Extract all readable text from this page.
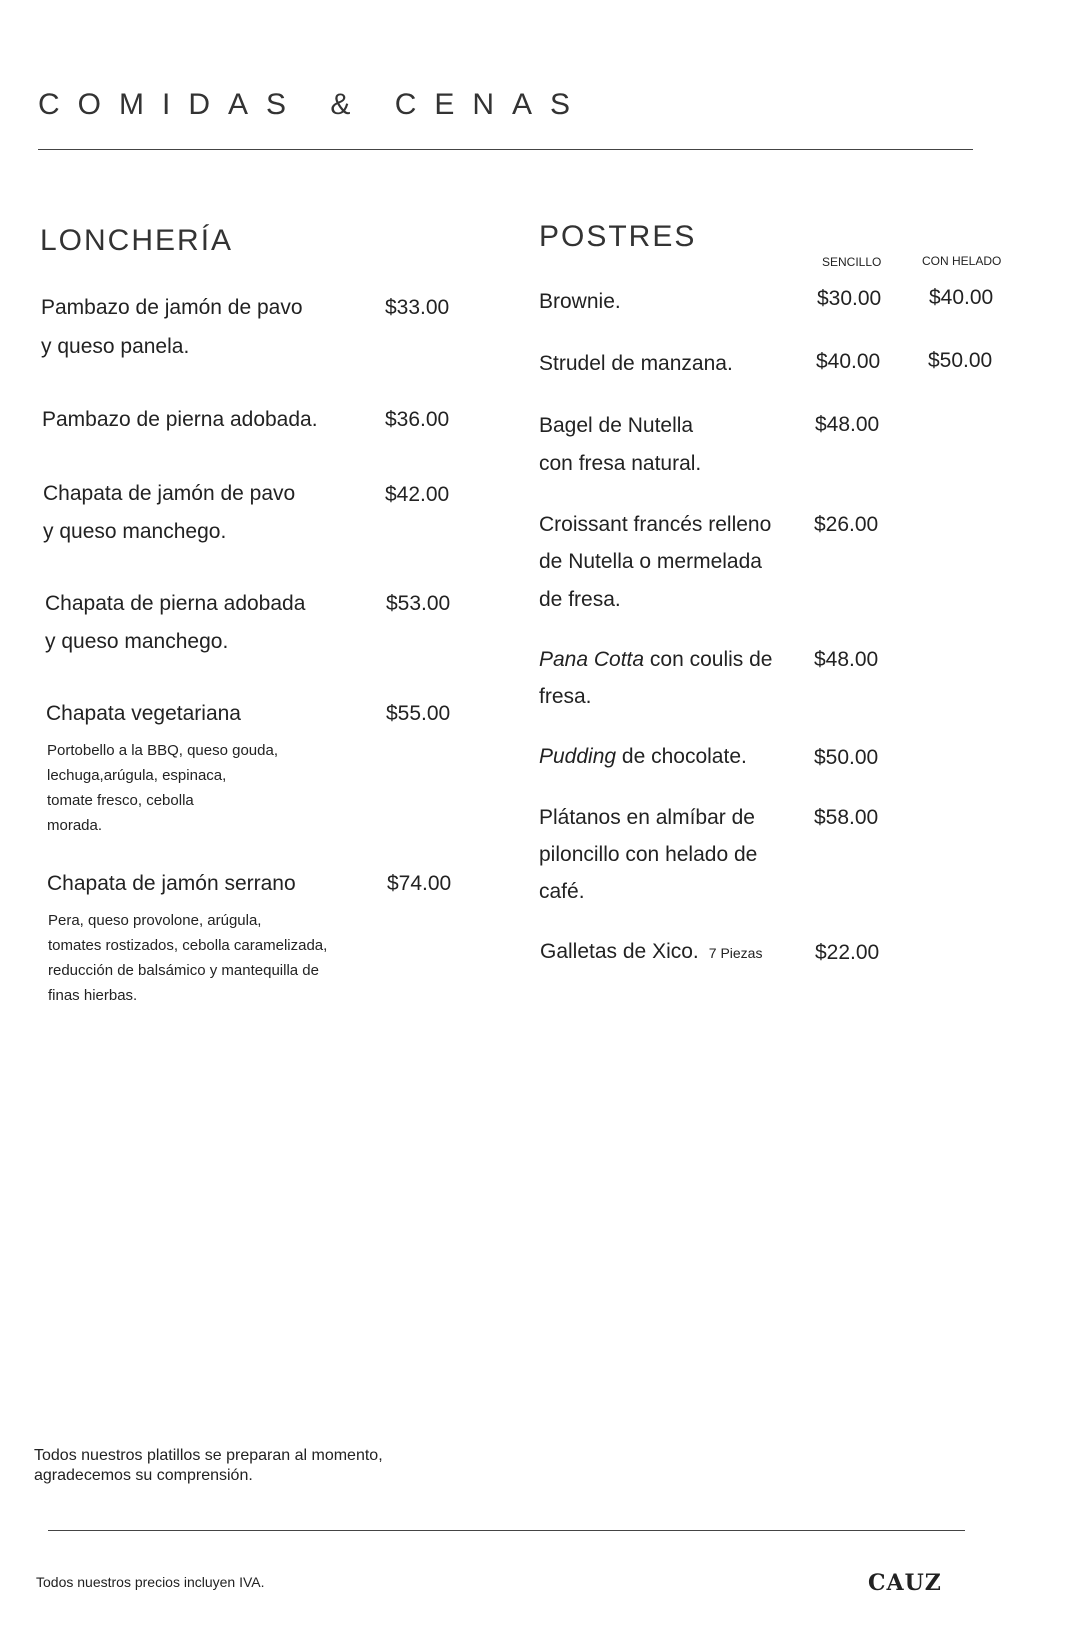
COMIDAS & CENAS
LONCHERÍA
Pambazo de jamón de pavo
y queso panela.
$33.00
Pambazo de pierna adobada.	$36.00
Chapata de jamón de pavo
y queso manchego.
$42.00
Chapata de pierna adobada
y queso manchego.
$53.00
Chapata vegetariana	$55.00
Portobello a la BBQ, queso gouda,
lechuga,arúgula, espinaca,
tomate fresco, cebolla
morada.
Chapata de jamón serrano	$74.00
Pera, queso provolone, arúgula,
tomates rostizados, cebolla caramelizada,
reducción de balsámico y mantequilla de
finas hierbas.
POSTRES
SENCILLO	CON HELADO
Brownie.	$30.00 $40.00
Strudel de manzana.	$40.00 $50.00
Bagel de Nutella
con fresa natural.
$48.00
Croissant francés relleno
de Nutella o mermelada
de fresa.
$26.00
Pana Cotta con coulis de
fresa.
$48.00
Pudding de chocolate.	$50.00
Plátanos en almíbar de
piloncillo con helado de
café.
$58.00
Galletas de Xico. 7 Piezas	$22.00
Todos nuestros platillos se preparan al momento,
agradecemos su comprensión.
Todos nuestros precios incluyen IVA.	CAUZ
